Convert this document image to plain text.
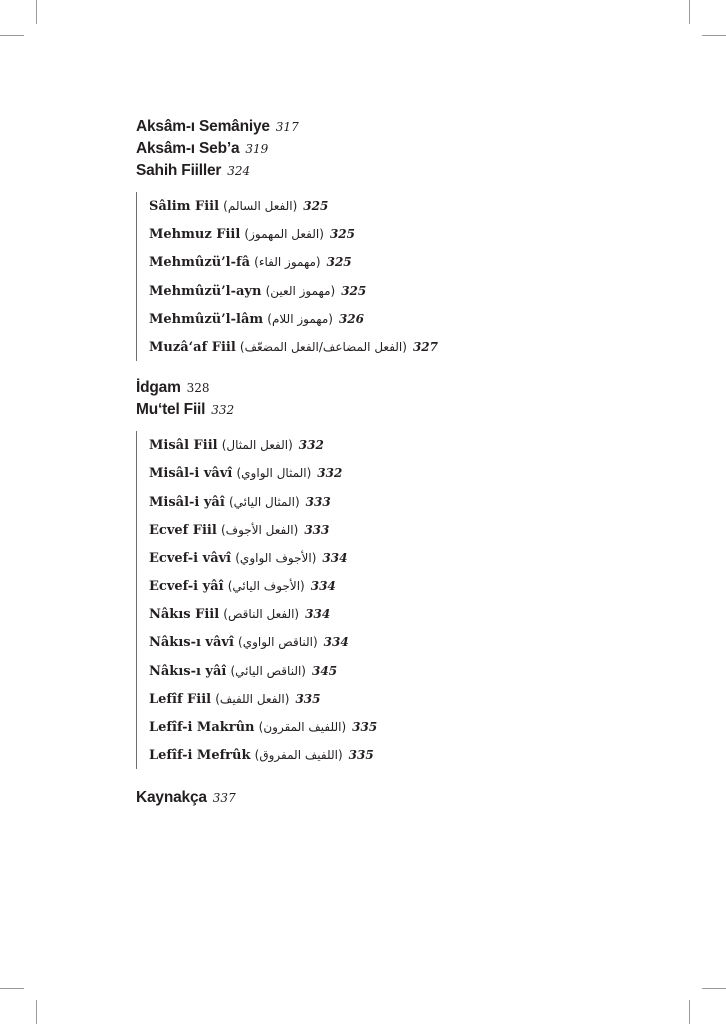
Aksâm-ı Semâniye 317
Aksâm-ı Seb’a 319
Sahih Fiiller 324
Sâlim Fiil (الفعل السالم) 325
Mehmuz Fiil (الفعل المهموز) 325
Mehmûzü’l-fâ (مهموز الفاء) 325
Mehmûzü’l-ayn (مهموز العين) 325
Mehmûzü’l-lâm (مهموز اللام) 326
Muzâ‘af Fiil (الفعل المضاعف/الفعل المضعّف) 327
İdgam 328
Mu‘tel Fiil 332
Misâl Fiil (الفعل المثال) 332
Misâl-i vâvî (المثال الواوي) 332
Misâl-i yâî (المثال اليائي) 333
Ecvef Fiil (الفعل الأجوف) 333
Ecvef-i vâvî (الأجوف الواوي) 334
Ecvef-i yâî (الأجوف اليائي) 334
Nâkıs Fiil (الفعل الناقص) 334
Nâkıs-ı vâvî (الناقص الواوي) 334
Nâkıs-ı yâî (الناقص اليائي) 345
Lefîf Fiil (الفعل اللفيف) 335
Lefîf-i Makrûn (اللفيف المقرون) 335
Lefîf-i Mefrûk (اللفيف المفروق) 335
Kaynakça 337
